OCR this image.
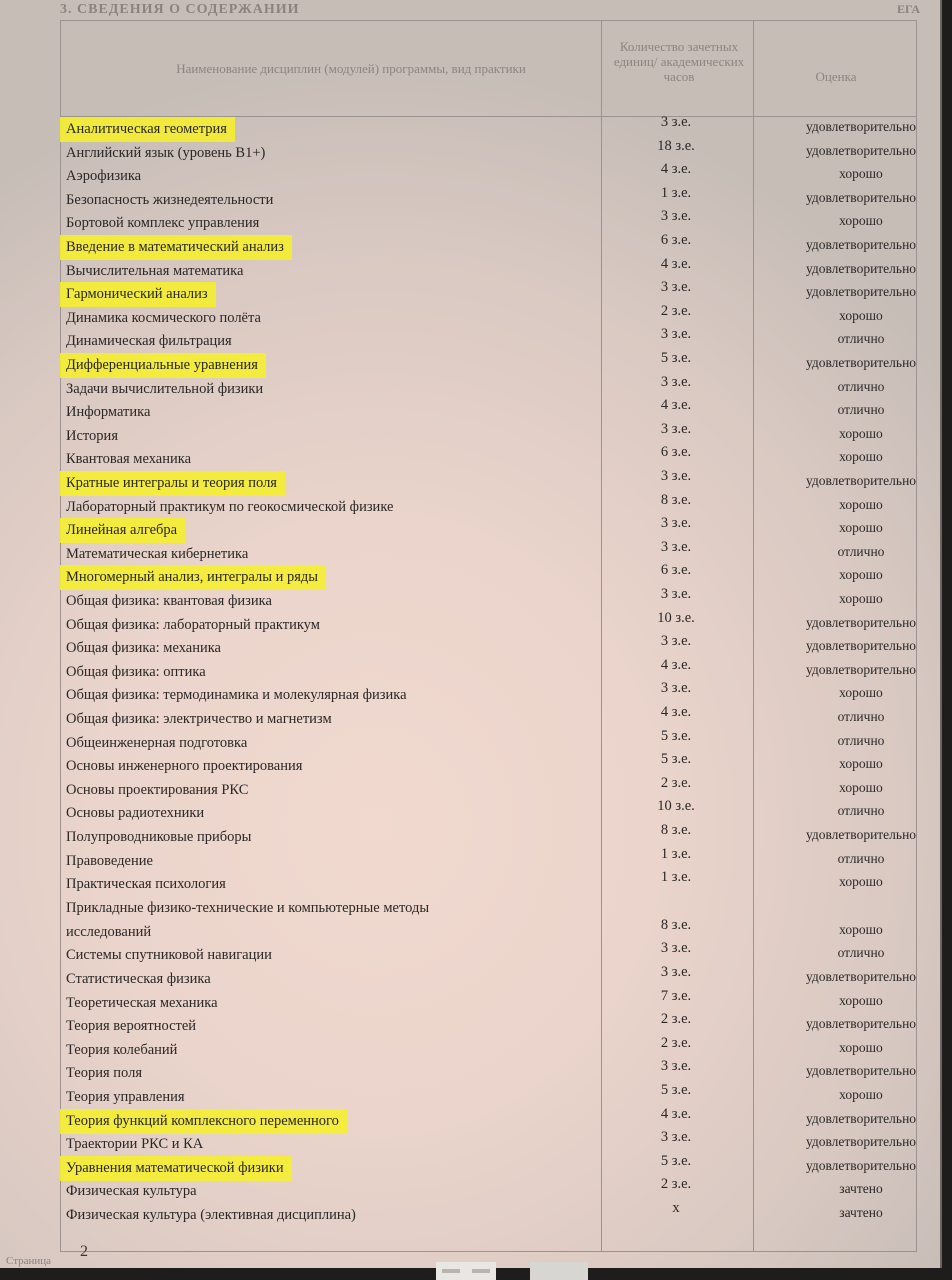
3. СВЕДЕНИЯ О СОДЕРЖАНИИ	ЕГА
Наименование дисциплин (модулей) программы, вид практики
Количество зачетных единиц/ академических часов	Оценка
Аналитическая геометрия	3 з.е.	удовлетворительно
Английский язык (уровень В1+)	18 з.е.	удовлетворительно
Аэрофизика	4 з.е.	хорошо
Безопасность жизнедеятельности	1 з.е.	удовлетворительно
Бортовой комплекс управления	3 з.е.	хорошо
Введение в математический анализ	6 з.е.	удовлетворительно
Вычислительная математика	4 з.е.	удовлетворительно
Гармонический анализ	3 з.е.	удовлетворительно
Динамика космического полёта	2 з.е.	хорошо
Динамическая фильтрация	3 з.е.	отлично
Дифференциальные уравнения	5 з.е.	удовлетворительно
Задачи вычислительной физики	3 з.е.	отлично
Информатика	4 з.е.	отлично
История	3 з.е.	хорошо
Квантовая механика	6 з.е.	хорошо
Кратные интегралы и теория поля	3 з.е.	удовлетворительно
Лабораторный практикум по геокосмической физике	8 з.е.	хорошо
Линейная алгебра	3 з.е.	хорошо
Математическая кибернетика	3 з.е.	отлично
Многомерный анализ, интегралы и ряды	6 з.е.	хорошо
Общая физика: квантовая физика	3 з.е.	хорошо
Общая физика: лабораторный практикум	10 з.е.	удовлетворительно
Общая физика: механика	3 з.е.	удовлетворительно
Общая физика: оптика	4 з.е.	удовлетворительно
Общая физика: термодинамика и молекулярная физика	3 з.е.	хорошо
Общая физика: электричество и магнетизм	4 з.е.	отлично
Общеинженерная подготовка	5 з.е.	отлично
Основы инженерного проектирования	5 з.е.	хорошо
Основы проектирования РКС	2 з.е.	хорошо
Основы радиотехники	10 з.е.	отлично
Полупроводниковые приборы	8 з.е.	удовлетворительно
Правоведение	1 з.е.	отлично
Практическая психология	1 з.е.	хорошо
Прикладные физико-технические и компьютерные методы
исследований	8 з.е.	хорошо
Системы спутниковой навигации	3 з.е.	отлично
Статистическая физика	3 з.е.	удовлетворительно
Теоретическая механика	7 з.е.	хорошо
Теория вероятностей	2 з.е.	удовлетворительно
Теория колебаний	2 з.е.	хорошо
Теория поля	3 з.е.	удовлетворительно
Теория управления	5 з.е.	хорошо
Теория функций комплексного переменного	4 з.е.	удовлетворительно
Траектории РКС и КА	3 з.е.	удовлетворительно
Уравнения математической физики	5 з.е.	удовлетворительно
Физическая культура	2 з.е.	зачтено
Физическая культура (элективная дисциплина)	x	зачтено
Страница
2
